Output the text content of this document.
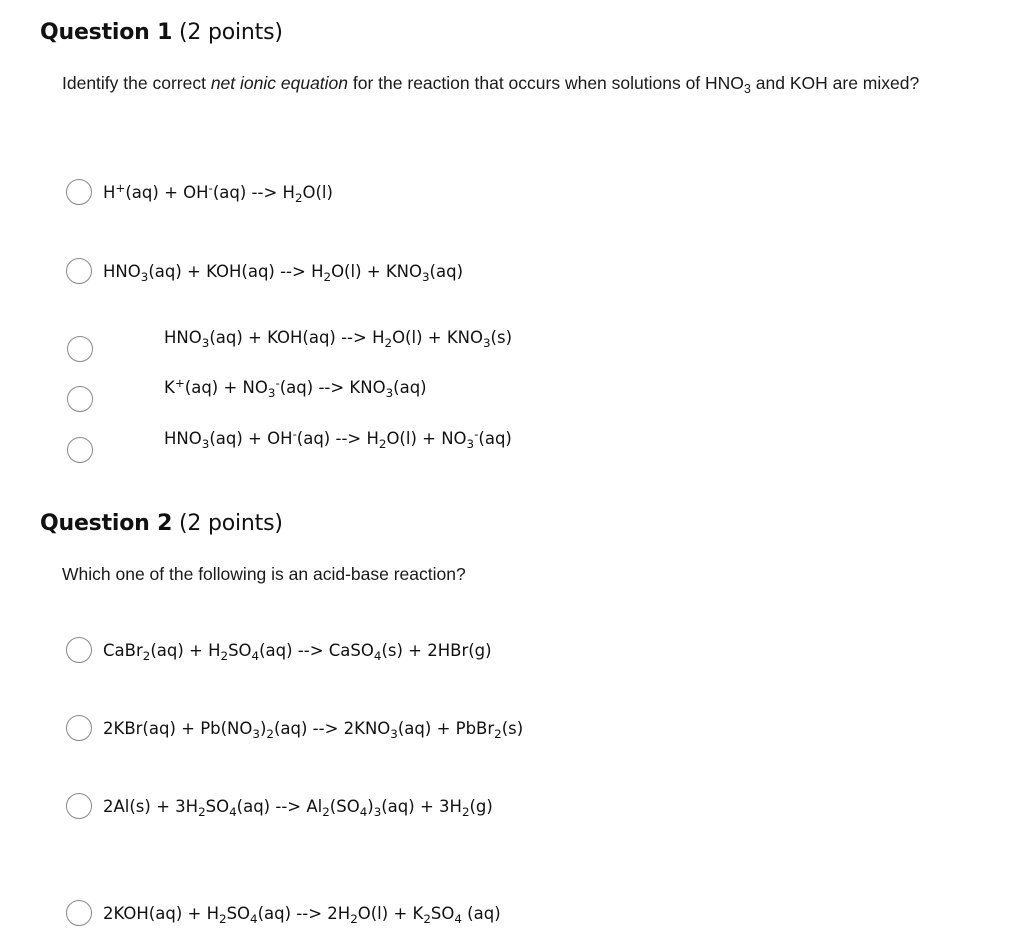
Question 1 (2 points)
Identify the correct net ionic equation for the reaction that occurs when solutions of $HNO_3$ and KOH are mixed?
H+(aq) + OH-(aq) --> $H_2O(l)$
$HNO_3(aq) + KOH(aq)$ --> $H_2O(l) + KNO_3(aq)$
$HNO_3(aq) + KOH(aq)$ --> $H_2O(l) + KNO_3(s)$
$K^+(aq) + NO_3^-(aq)$ --> $KNO_3(aq)$
$HNO_3(aq) + OH^-(aq)$ --> $H_2O(l) + NO_3^-(aq)$
Question 2 (2 points)
Which one of the following is an acid-base reaction?
CaBr$_2$(aq) + $H_2SO_4(aq)$ --> CaSO$_4$(s) + 2HBr(g)
$2KBr(aq) + Pb(NO_3)_2(aq)$ --> $2KNO_3(aq)$ + PbBr$_2$(s)
$2Al(s) + 3H_2SO_4(aq)$ --> $Al_2(SO_4)_3(aq) + 3H_2(g)$
$2KOH(aq) + H_2SO_4(aq)$ --> $2H_2O(l) + K_2SO_4$ (aq)
